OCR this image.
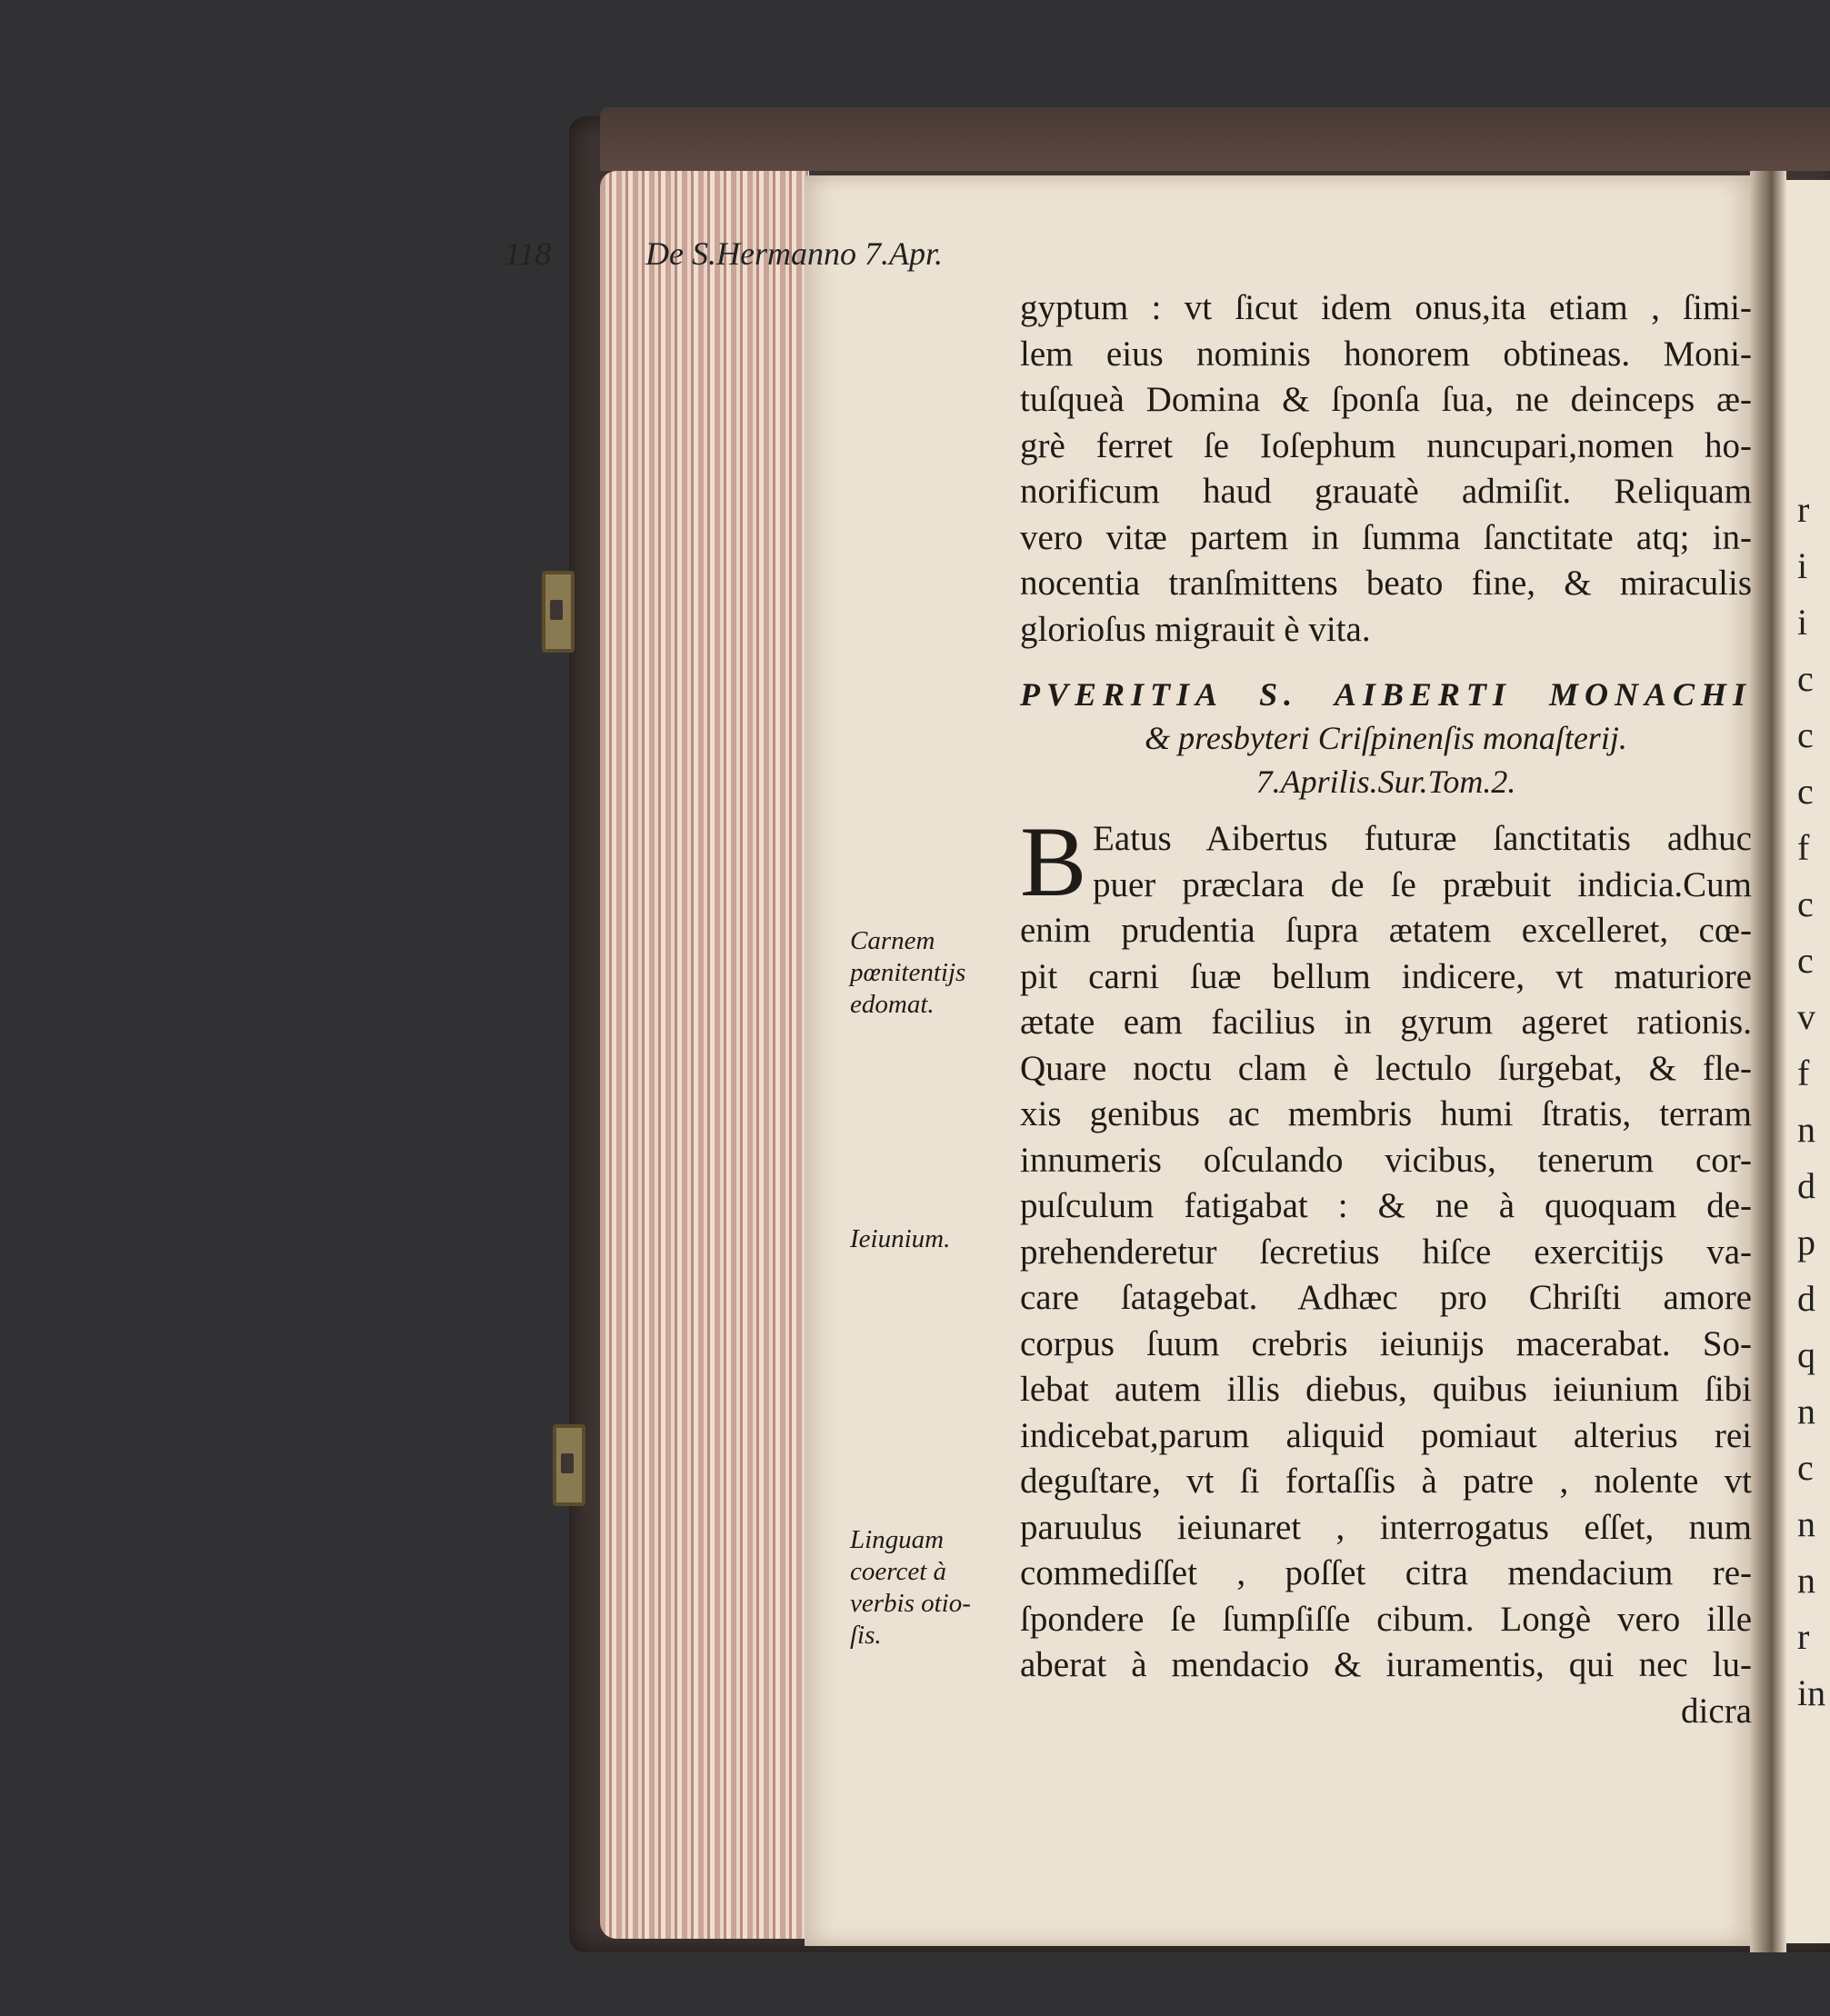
r
i
i
c
c
c
f
c
c
v
f
n
d
p
d
q
n
c
n
n
r
in
118	De S.Hermanno 7.Apr.
gyptum : vt ſicut idem onus,ita etiam , ſimi-
lem eius nominis honorem obtineas. Moni-
tuſqueà Domina & ſponſa ſua, ne deinceps æ-
grè ferret ſe Ioſephum nuncupari,nomen ho-
norificum haud grauatè admiſit. Reliquam
vero vitæ partem in ſumma ſanctitate atq; in-
nocentia tranſmittens beato fine, & miraculis
glorioſus migrauit è vita.
PVERITIA S. AIBERTI MONACHI
& presbyteri Criſpinenſis monaſterij.
7.Aprilis.Sur.Tom.2.
B Eatus Aibertus futuræ ſanctitatis adhuc
puer præclara de ſe præbuit indicia.Cum
enim prudentia ſupra ætatem excelleret, cœ-
pit carni ſuæ bellum indicere, vt maturiore
ætate eam facilius in gyrum ageret rationis.
Quare noctu clam è lectulo ſurgebat, & fle-
xis genibus ac membris humi ſtratis, terram
innumeris oſculando vicibus, tenerum cor-
puſculum fatigabat : & ne à quoquam de-
prehenderetur ſecretius hiſce exercitijs va-
care ſatagebat. Adhæc pro Chriſti amore
corpus ſuum crebris ieiunijs macerabat. So-
lebat autem illis diebus, quibus ieiunium ſibi
indicebat,parum aliquid pomiaut alterius rei
deguſtare, vt ſi fortaſſis à patre , nolente vt
paruulus ieiunaret , interrogatus eſſet, num
commediſſet , poſſet citra mendacium re-
ſpondere ſe ſumpſiſſe cibum. Longè vero ille
aberat à mendacio & iuramentis, qui nec lu-
dicra
Carnem
pœnitentijs
edomat.
Ieiunium.
Linguam
coercet à
verbis otio-
ſis.
